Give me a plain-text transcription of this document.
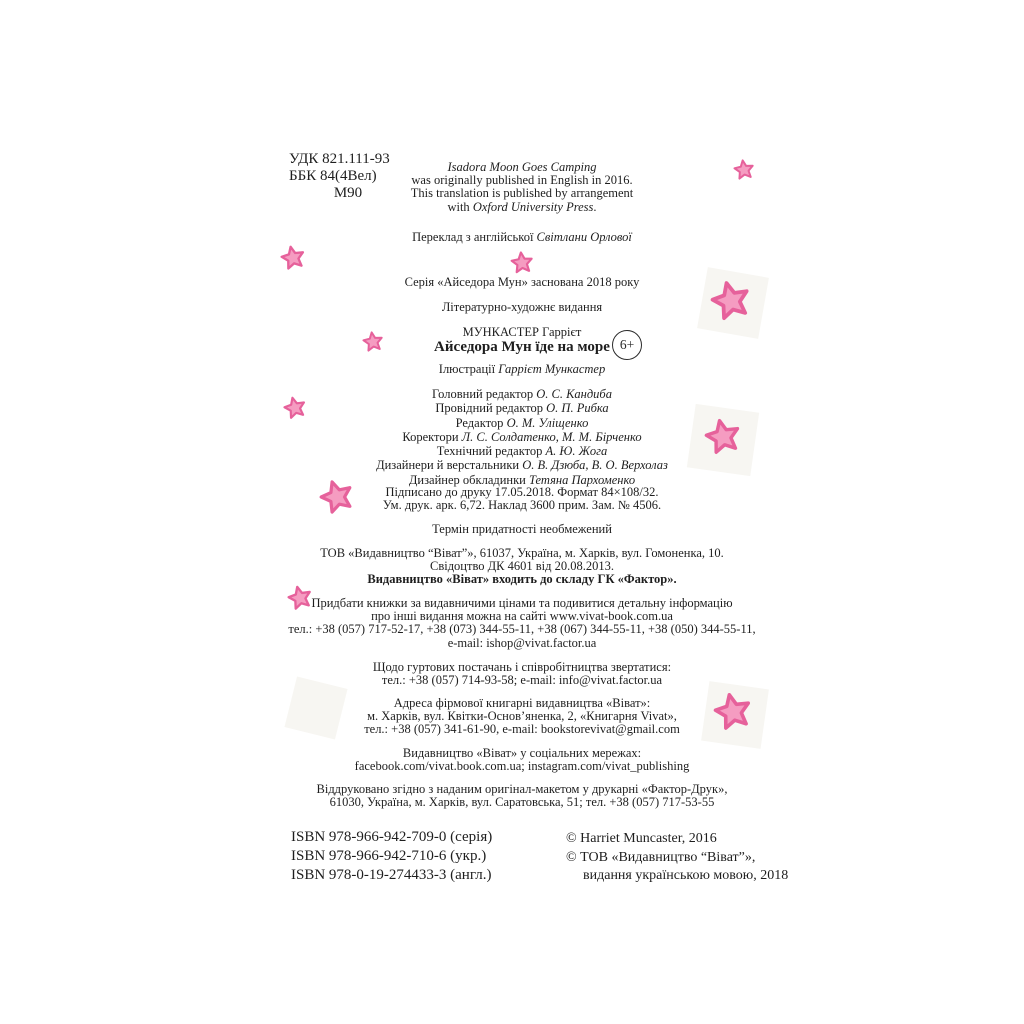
УДК 821.111-93
ББК 84(4Вел)
М90
6+
Isadora Moon Goes Camping
was originally published in English in 2016.
This translation is published by arrangement
with Oxford University Press.
Переклад з англійської Світлани Орлової
Серія «Айседора Мун» заснована 2018 року
Літературно-художнє видання
МУНКАСТЕР Гаррієт
Айседора Мун їде на море
Ілюстрації Гаррієт Мункастер
Головний редактор О. С. Кандиба
Провідний редактор О. П. Рибка
Редактор О. М. Уліщенко
Коректори Л. С. Солдатенко, М. М. Бірченко
Технічний редактор А. Ю. Жога
Дизайнери й верстальники О. В. Дзюба, В. О. Верхолаз
Дизайнер обкладинки Тетяна Пархоменко
Підписано до друку 17.05.2018. Формат 84×108/32.
Ум. друк. арк. 6,72. Наклад 3600 прим. Зам. № 4506.
Термін придатності необмежений
ТОВ «Видавництво “Віват”», 61037, Україна, м. Харків, вул. Гомоненка, 10.
Свідоцтво ДК 4601 від 20.08.2013.
Видавництво «Віват» входить до складу ГК «Фактор».
Придбати книжки за видавничими цінами та подивитися детальну інформацію
про інші видання можна на сайті www.vivat-book.com.ua
тел.: +38 (057) 717-52-17, +38 (073) 344-55-11, +38 (067) 344-55-11, +38 (050) 344-55-11,
e-mail: ishop@vivat.factor.ua
Щодо гуртових постачань і співробітництва звертатися:
тел.: +38 (057) 714-93-58; e-mail: info@vivat.factor.ua
Адреса фірмової книгарні видавництва «Віват»:
м. Харків, вул. Квітки-Основ’яненка, 2, «Книгарня Vivat»,
тел.: +38 (057) 341-61-90, e-mail: bookstorevivat@gmail.com
Видавництво «Віват» у соціальних мережах:
facebook.com/vivat.book.com.ua; instagram.com/vivat_publishing
Віддруковано згідно з наданим оригінал-макетом у друкарні «Фактор-Друк»,
61030, Україна, м. Харків, вул. Саратовська, 51; тел. +38 (057) 717-53-55
ISBN 978-966-942-709-0 (серія)
ISBN 978-966-942-710-6 (укр.)
ISBN 978-0-19-274433-3 (англ.)
© Harriet Muncaster, 2016
© ТОВ «Видавництво “Віват”»,
видання українською мовою, 2018
